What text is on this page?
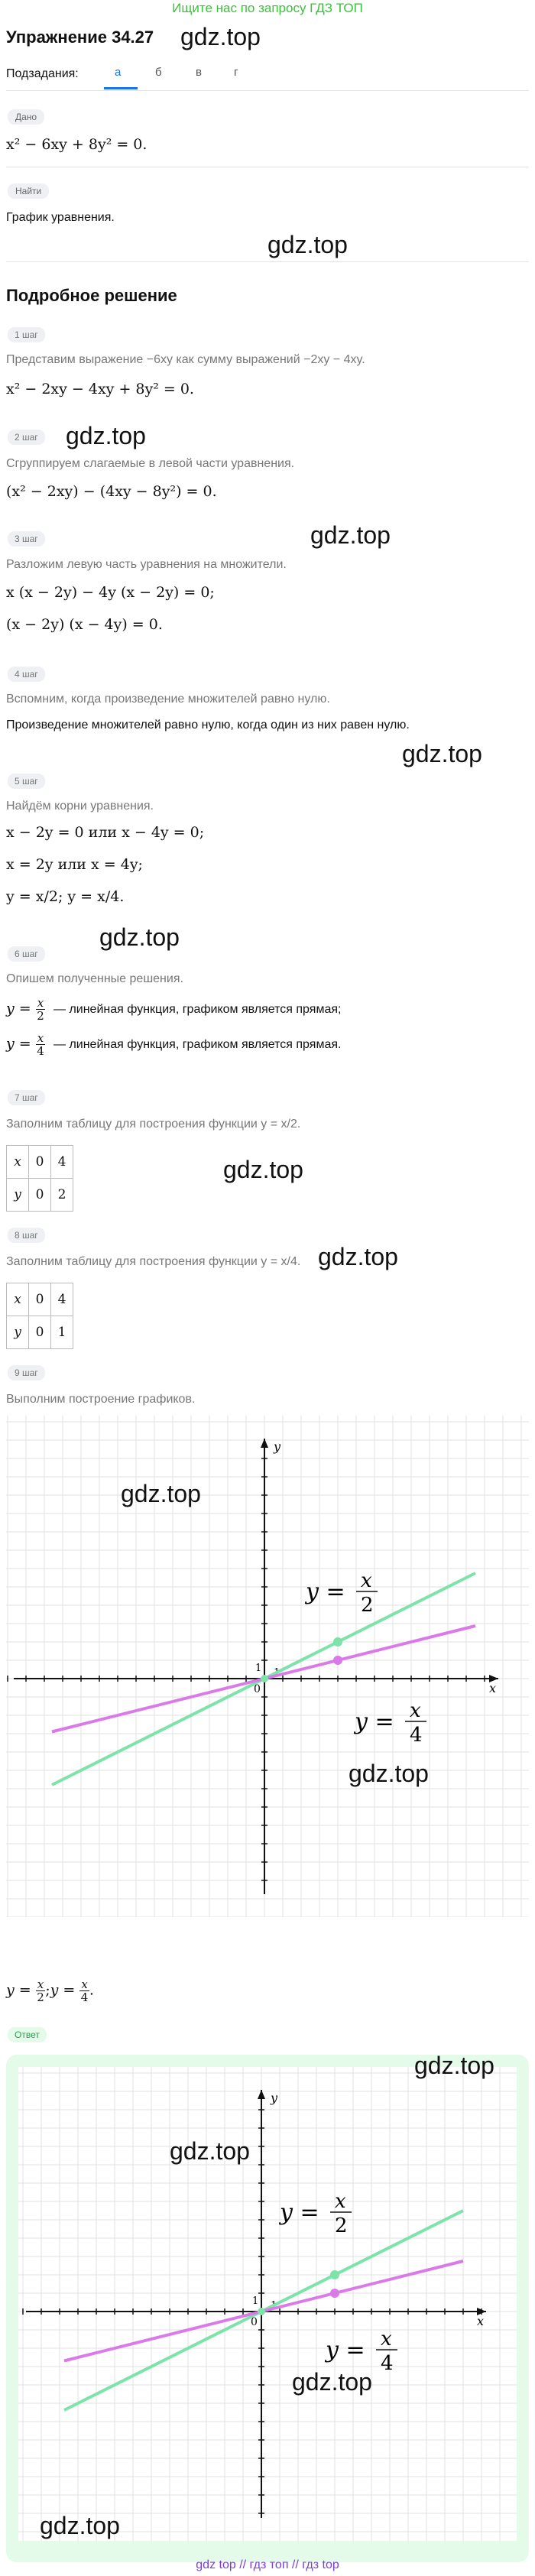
Ищите нас по запросу ГДЗ ТОП
Упражнение 34.27 gdz.top
Подзадания:	а	б	в	г
Дано
x² − 6xy + 8y² = 0.
Найти
График уравнения.
gdz.top
Подробное решение
1 шаг
Представим выражение −6xy как сумму выражений −2xy − 4xy.
x² − 2xy − 4xy + 8y² = 0.
2 шаг gdz.top
Сгруппируем слагаемые в левой части уравнения.
(x² − 2xy) − (4xy − 8y²) = 0.
3 шаг	gdz.top
Разложим левую часть уравнения на множители.
x (x − 2y) − 4y (x − 2y) = 0;
(x − 2y) (x − 4y) = 0.
4 шаг
Вспомним, когда произведение множителей равно нулю.
Произведение множителей равно нулю, когда один из них равен нулю.
gdz.top
5 шаг
Найдём корни уравнения.
x − 2y = 0 или x − 4y = 0;
x = 2y или x = 4y;
y = x/2; y = x/4.
6 шаг
gdz.top
Опишем полученные решения.
$y = \frac{x}{2}$ — линейная функция, графиком является прямая;
$y = \frac{x}{4}$ — линейная функция, графиком является прямая.
7 шаг
Заполним таблицу для построения функции y = x/2.
x	0	4
y	0	2
gdz.top
8 шаг
Заполним таблицу для построения функции y = x/4. gdz.top
x	0	4
y	0	1
9 шаг
Выполним построение графиков.
x
y
0
1
y = x
2
y = x
4
gdz.top
gdz.top
$y = \frac{x}{2}$ ;y = $\frac{x}{4}$ .
Ответ
x
y
0
1
y = x
2
y = x
4
gdz.top
gdz.top
gdz.top
gdz.top
gdz top // гдз топ // гдз top
